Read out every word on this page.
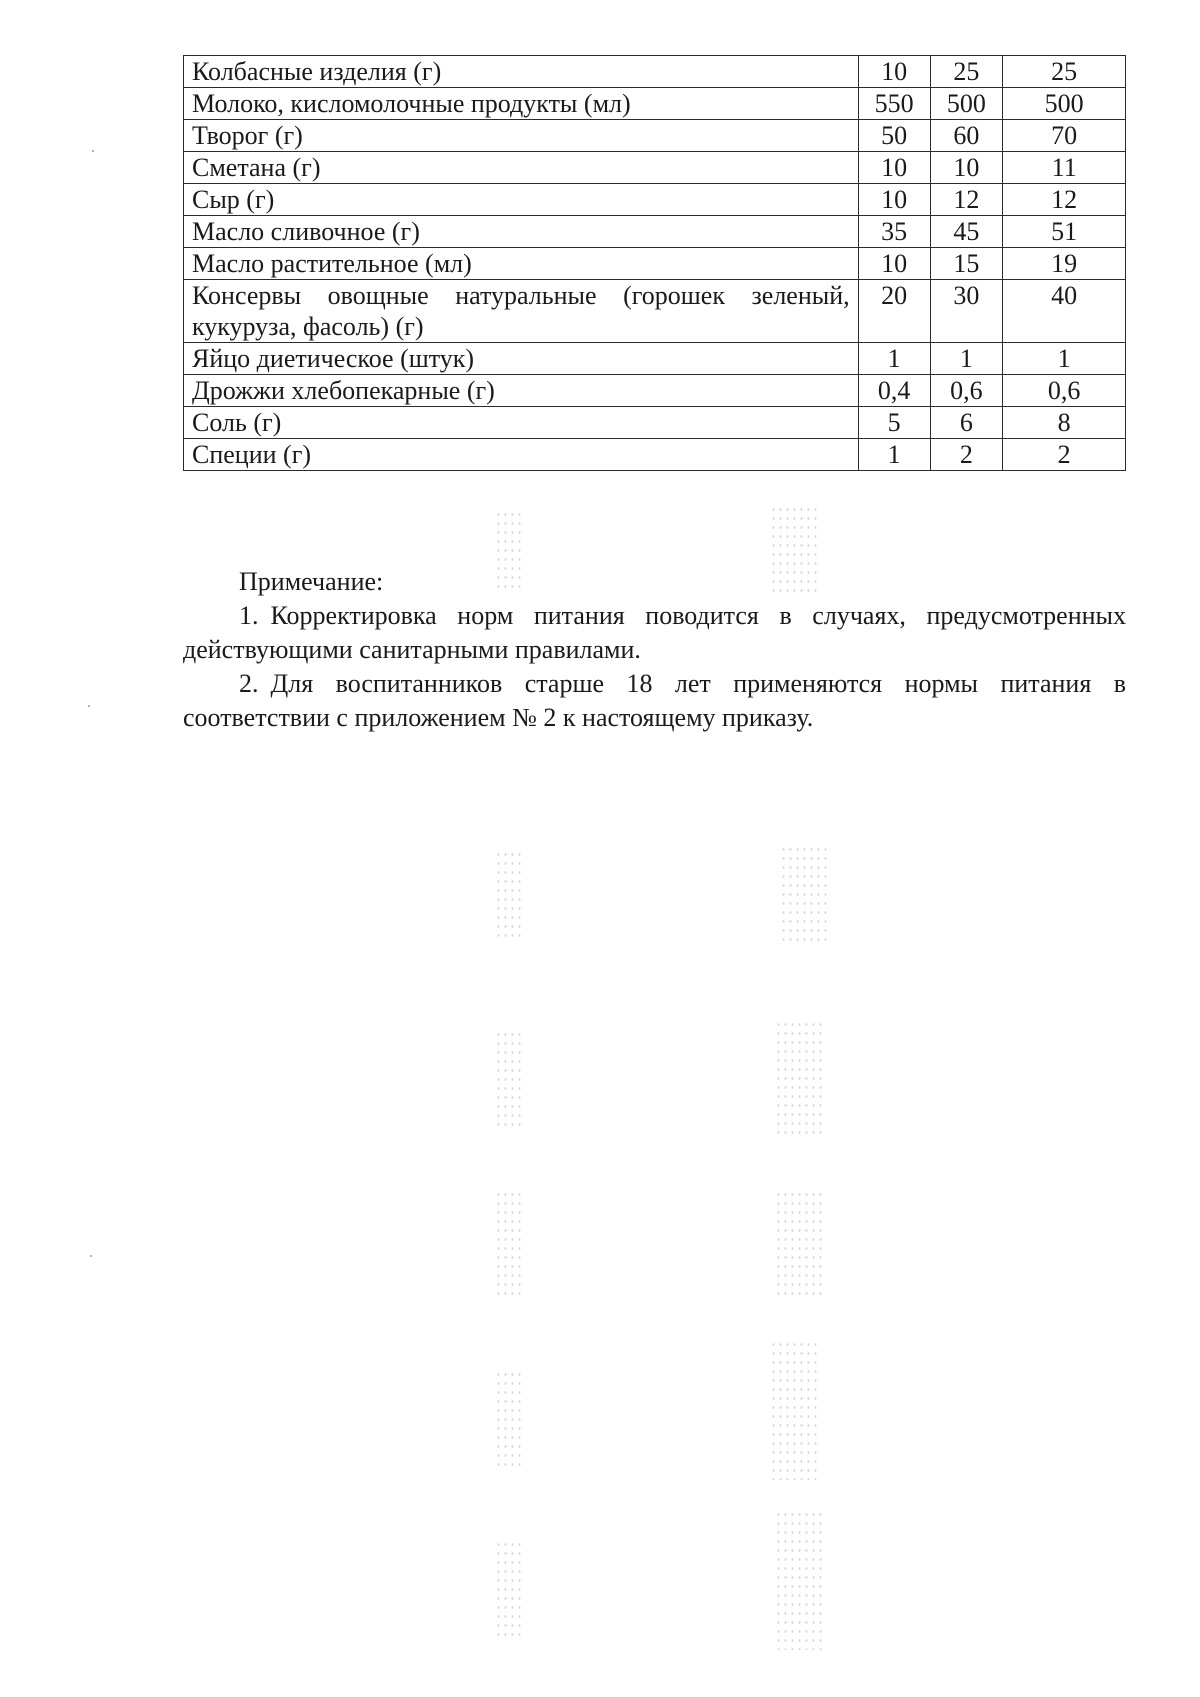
Колбасные изделия (г)	10	25	25
Молоко, кисломолочные продукты (мл)	550	500	500
Творог (г)	50	60	70
Сметана (г)	10	10	11
Сыр (г)	10	12	12
Масло сливочное (г)	35	45	51
Масло растительное (мл)	10	15	19
Консервы овощные натуральные (горошек зеленый, кукуруза, фасоль) (г)	20	30	40
Яйцо диетическое (штук)	1	1	1
Дрожжи хлебопекарные (г)	0,4	0,6	0,6
Соль (г)	5	6	8
Специи (г)	1	2	2
Примечание:

1. Корректировка норм питания поводится в случаях, предусмотренных действующими санитарными правилами.

2. Для воспитанников старше 18 лет применяются нормы питания в соответствии с приложением № 2 к настоящему приказу.
